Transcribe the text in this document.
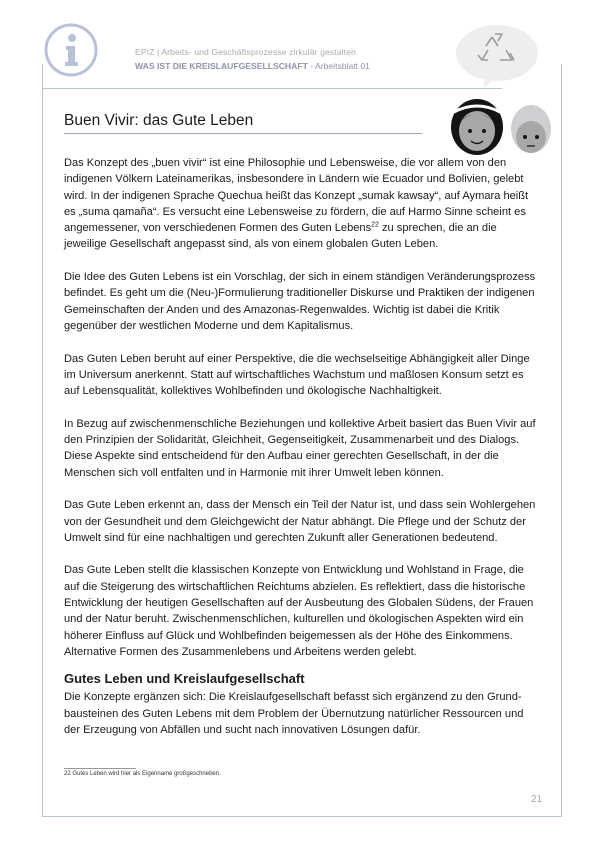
EPIZ | Arbeits- und Geschäftsprozesse zirkulär gestalten
WAS IST DIE KREISLAUFGESELLSCHAFT - Arbeitsblatt 01
Buen Vivir: das Gute Leben

Das Konzept des „buen vivir“ ist eine Philosophie und Lebensweise, die vor allem von den indigenen Völkern Lateinamerikas, insbesondere in Ländern wie Ecuador und Bolivien, gelebt wird. In der indigenen Sprache Quechua heißt das Konzept „sumak kawsay“, auf Aymara heißt es „suma qamaña“. Es versucht eine Lebensweise zu fördern, die auf Harmo Sinne scheint es angemessener, von verschiedenen Formen des Guten Lebens$^{22}$ zu sprechen, die an die jeweilige Gesellschaft angepasst sind, als von einem globalen Guten Leben.

Die Idee des Guten Lebens ist ein Vorschlag, der sich in einem ständigen Veränderungsprozess befindet. Es geht um die (Neu-)Formulierung traditioneller Diskurse und Praktiken der indigenen Gemeinschaften der Anden und des Amazonas-Regenwaldes. Wichtig ist dabei die Kritik gegenüber der westlichen Moderne und dem Kapitalismus.

Das Guten Leben beruht auf einer Perspektive, die die wechselseitige Abhängigkeit aller Dinge im Universum anerkennt. Statt auf wirtschaftliches Wachstum und maßlosen Konsum setzt es auf Lebensqualität, kollektives Wohlbefinden und ökologische Nachhaltigkeit.

In Bezug auf zwischenmenschliche Beziehungen und kollektive Arbeit basiert das Buen Vivir auf den Prinzipien der Solidarität, Gleichheit, Gegenseitigkeit, Zusammenarbeit und des Dialogs. Diese Aspekte sind entscheidend für den Aufbau einer gerechten Gesellschaft, in der die Menschen sich voll entfalten und in Harmonie mit ihrer Umwelt leben können.

Das Gute Leben erkennt an, dass der Mensch ein Teil der Natur ist, und dass sein Wohlergehen von der Gesundheit und dem Gleichgewicht der Natur abhängt. Die Pflege und der Schutz der Umwelt sind für eine nachhaltigen und gerechten Zukunft aller Generationen bedeutend.

Das Gute Leben stellt die klassischen Konzepte von Entwicklung und Wohlstand in Frage, die auf die Steigerung des wirtschaftlichen Reichtums abzielen. Es reflektiert, dass die historische Entwicklung der heutigen Gesellschaften auf der Ausbeutung des Globalen Südens, der Frauen und der Natur beruht. Zwischenmenschlichen, kulturellen und ökologischen Aspekten wird ein höherer Einfluss auf Glück und Wohlbefinden beigemessen als der Höhe des Einkommens. Alternative Formen des Zusammenlebens und Arbeitens werden gelebt.

Gutes Leben und Kreislaufgesellschaft

Die Konzepte ergänzen sich: Die Kreislaufgesellschaft befasst sich ergänzend zu den Grundbausteinen des Guten Lebens mit dem Problem der Übernutzung natürlicher Ressourcen und der Erzeugung von Abfällen und sucht nach innovativen Lösungen dafür.

22 Gutes Leben wird hier als Eigenname großgeschrieben.
21
